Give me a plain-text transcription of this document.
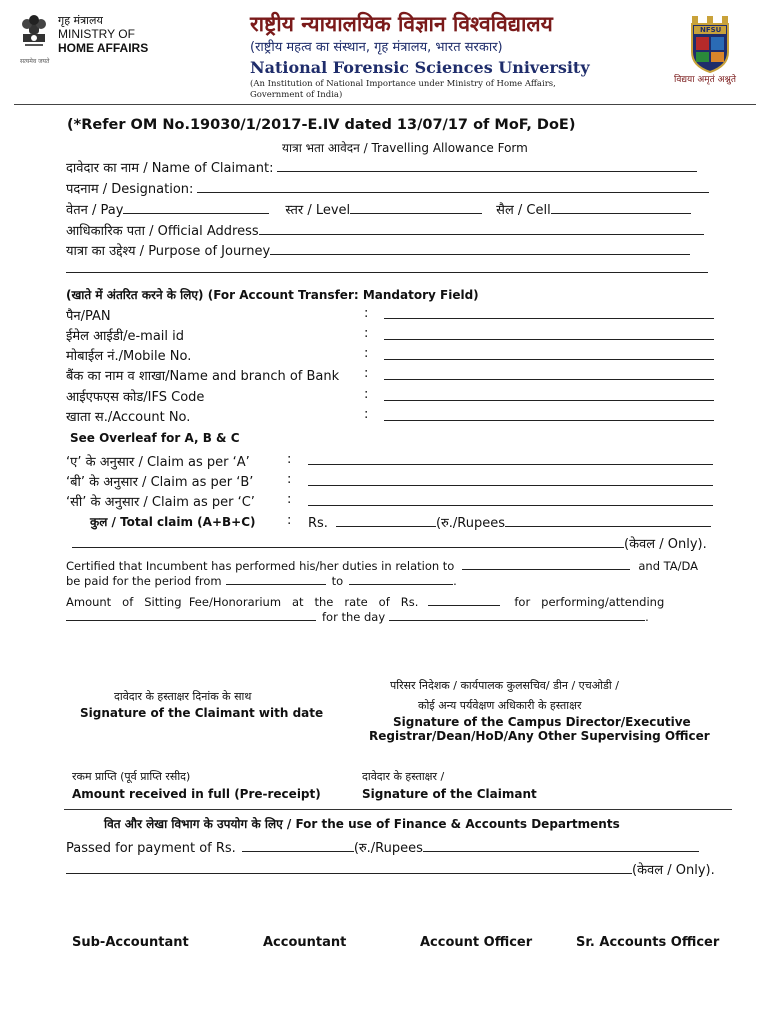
सत्यमेव जयते
गृह मंत्रालय
MINISTRY OF
HOME AFFAIRS
राष्ट्रीय न्यायालयिक विज्ञान विश्वविद्यालय
(राष्ट्रीय महत्व का संस्थान, गृह मंत्रालय, भारत सरकार)
National Forensic Sciences University
(An Institution of National Importance under Ministry of Home Affairs,
Government of India)
NFSU
विद्यया अमृतं अश्नुते
(*Refer OM No.19030/1/2017-E.IV dated 13/07/17 of MoF, DoE)
यात्रा भता आवेदन / Travelling Allowance Form
दावेदार का नाम / Name of Claimant:
पदनाम / Designation:
वेतन / Pay	स्तर / Level	सैल / Cell
आधिकारिक पता / Official Address
यात्रा का उद्देश्य / Purpose of Journey
(खाते में अंतरित करने के लिए) (For Account Transfer: Mandatory Field)
पैन/PAN	:
ईमेल आईडी/e-mail id	:
मोबाईल नं./Mobile No.	:
बैंक का नाम व शाखा/Name and branch of Bank :
आईएफएस कोड/IFS Code	:
खाता स./Account No.	:
See Overleaf for A, B & C
‘ए’ के अनुसार / Claim as per ‘A’	:
‘बी’ के अनुसार / Claim as per ‘B’	:
‘सी’ के अनुसार / Claim as per ‘C’ :
कुल / Total claim (A+B+C) : Rs.	(रु./Rupees
(केवल / Only).
Certified that Incumbent has performed his/her duties in relation to	and TA/DA
be paid for the period from	to	.
Amount   of   Sitting  Fee/Honorarium   at   the   rate   of   Rs.	for   performing/attending
for the day	.
दावेदार के हस्ताक्षर दिनांक के साथ
Signature of the Claimant with date
परिसर निदेशक / कार्यपालक कुलसचिव/ डीन / एचओडी /
कोई अन्य पर्यवेक्षण अधिकारी के हस्ताक्षर
Signature of the Campus Director/Executive
Registrar/Dean/HoD/Any Other Supervising Officer
रकम प्राप्ति (पूर्व प्राप्ति रसीद)
Amount received in full (Pre-receipt)
दावेदार के हस्ताक्षर /
Signature of the Claimant
वित और लेखा विभाग के उपयोग के लिए / For the use of Finance & Accounts Departments
Passed for payment of Rs.	(रु./Rupees
(केवल / Only).
Sub-Accountant	Accountant	Account Officer	Sr. Accounts Officer
